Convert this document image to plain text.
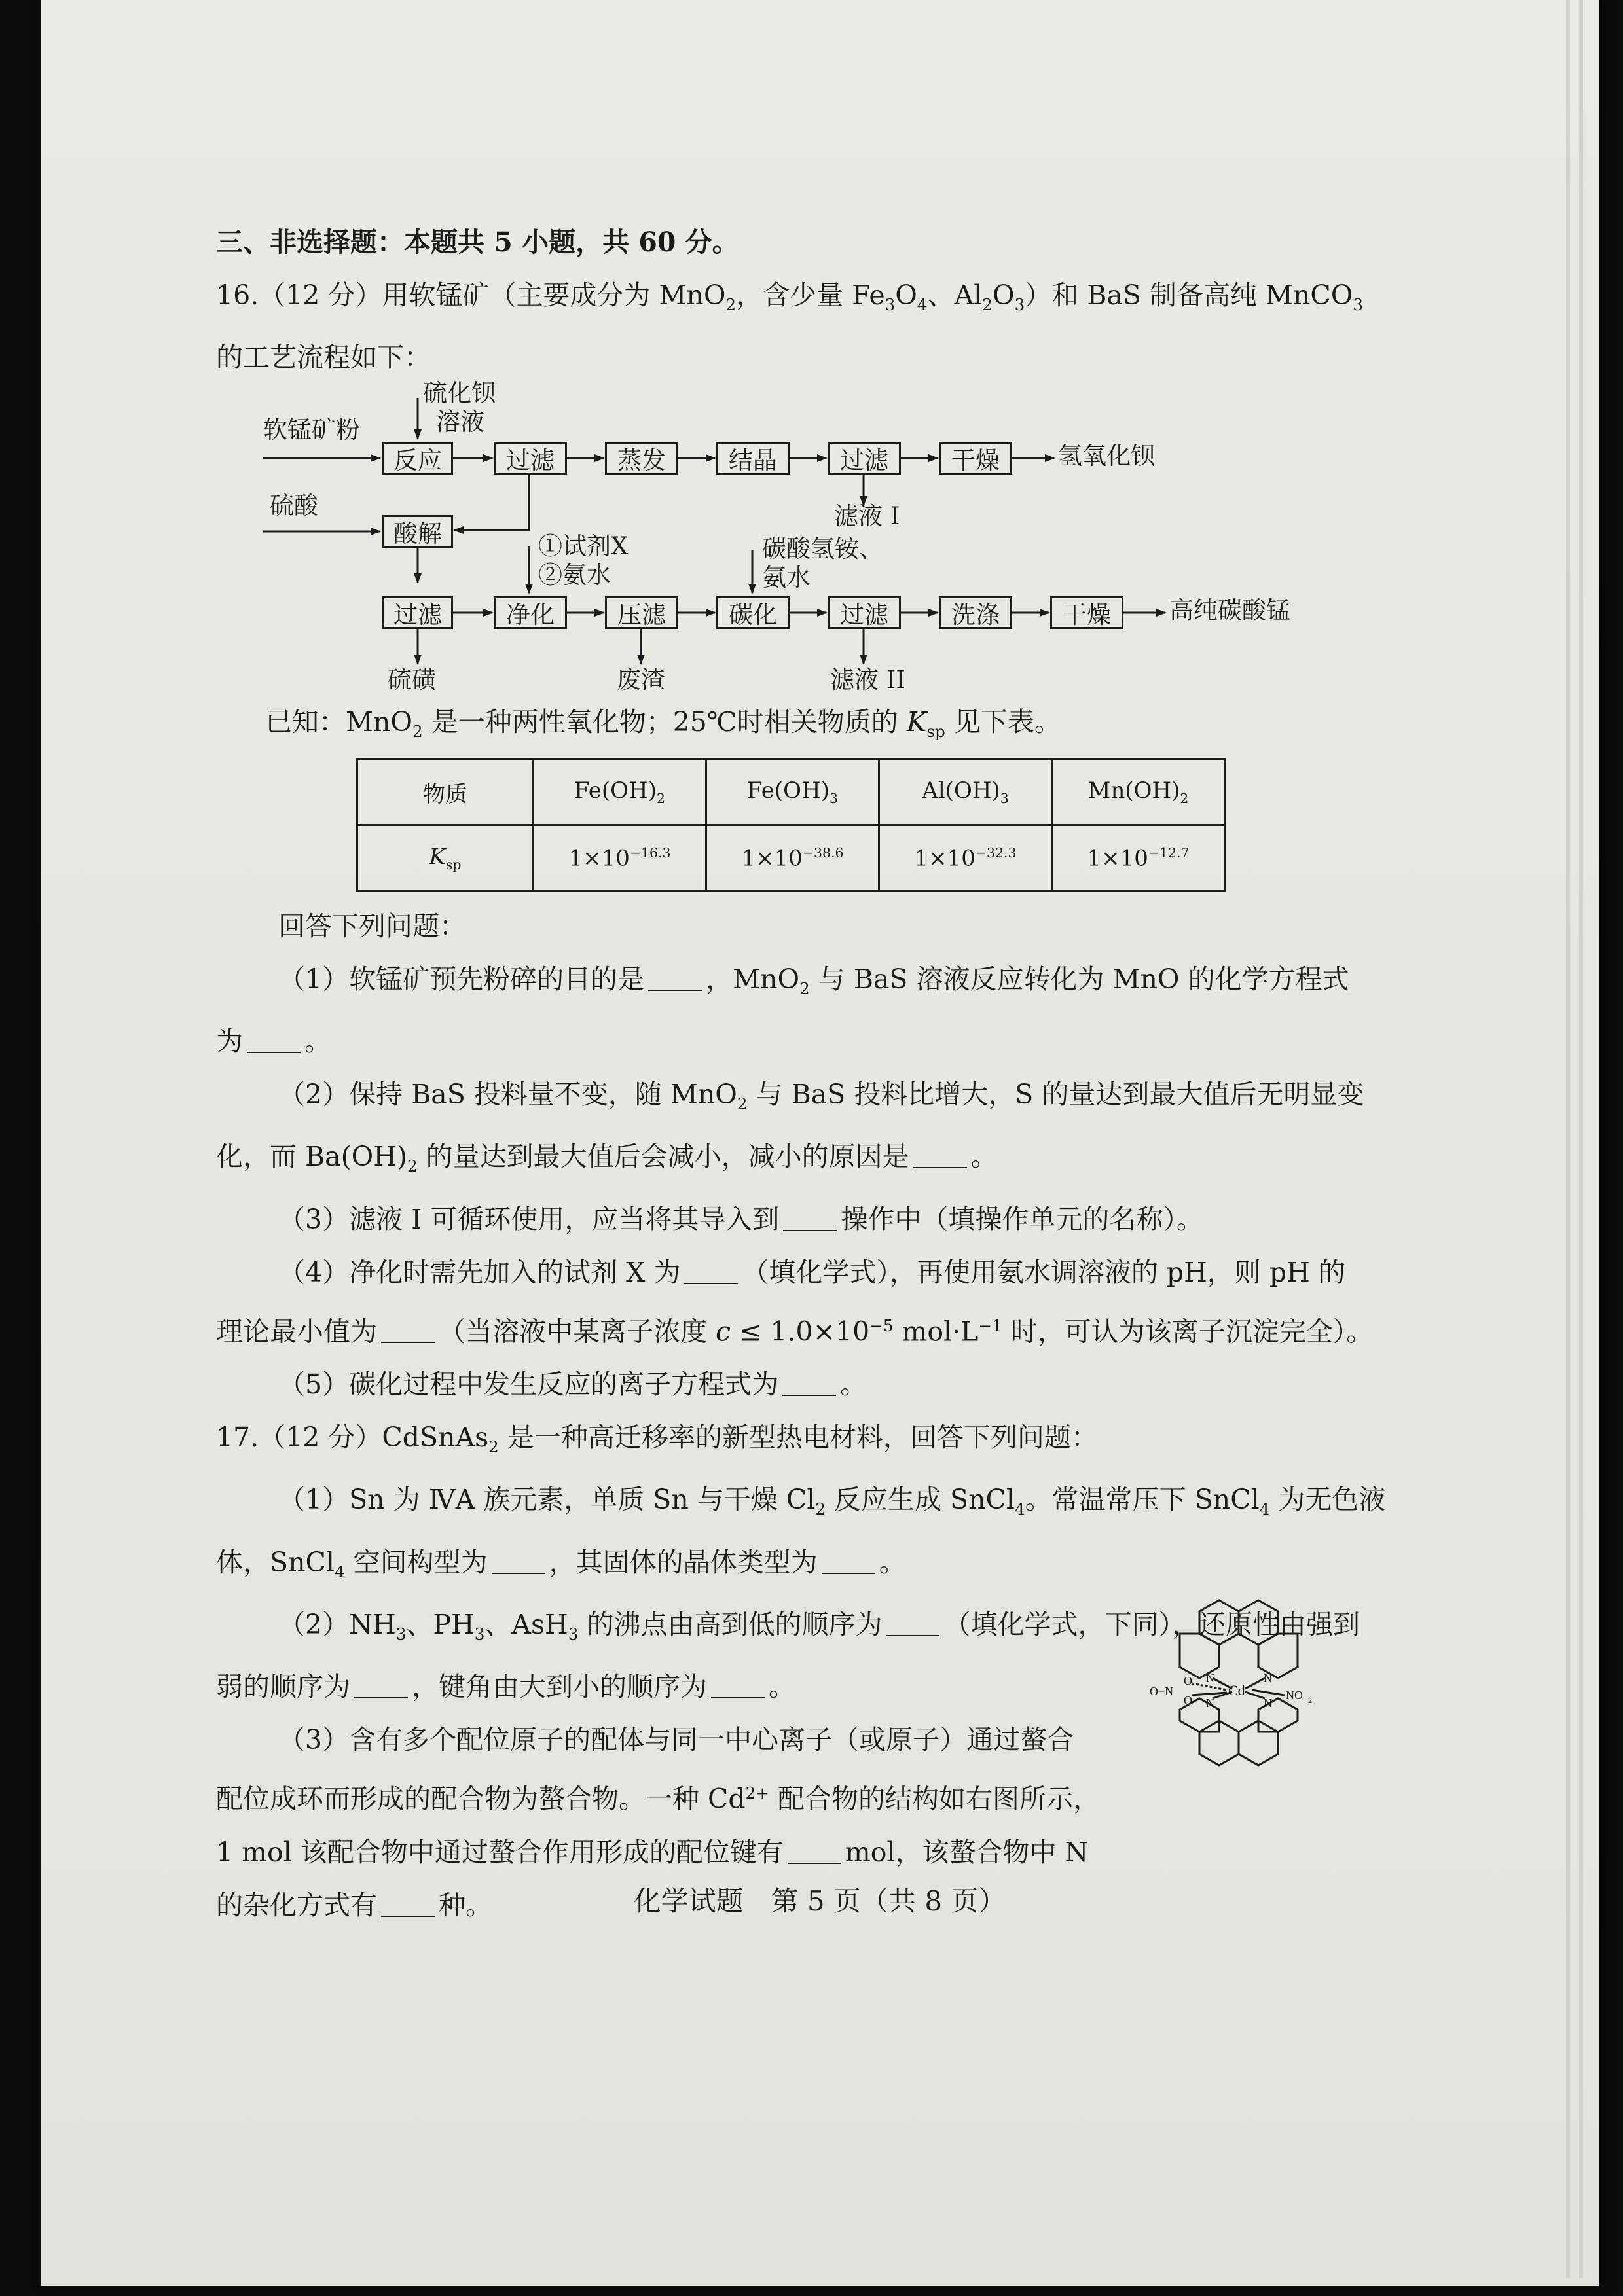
三、非选择题：本题共 5 小题，共 60 分。

16.（12 分）用软锰矿（主要成分为 MnO$_2$，含少量 $Fe_3O_4$、$Al_2O_3$）和 BaS 制备高纯 MnCO$_3$

的工艺流程如下：

软锰矿粉
硫化钡
溶液
反应	过滤	蒸发	结晶	过滤	干燥	氢氧化钡
滤液 I
硫酸
酸解	①试剂X
②氨水
碳酸氢铵、
氨水
过滤	净化	压滤	碳化	过滤	洗涤	干燥	高纯碳酸锰
硫磺	废渣	滤液 II

已知：MnO$_2$ 是一种两性氧化物；25℃时相关物质的 $K_{sp}$ 见下表。

物质	$Fe(OH)_2$	$Fe(OH)_3$	$Al(OH)_3$	$Mn(OH)_2$
$K_{sp}$	$1\times 10^{-16.3}$	$1\times 10^{-38.6}$	$1\times 10^{-32.3}$	$1\times 10^{-12.7}$

回答下列问题：

（1）软锰矿预先粉碎的目的是 ，MnO$_2$ 与 BaS 溶液反应转化为 MnO 的化学方程式

为 。

（2）保持 BaS 投料量不变，随 MnO$_2$ 与 BaS 投料比增大，S 的量达到最大值后无明显变

化，而 $Ba(OH)_2$ 的量达到最大值后会减小，减小的原因是 。

（3）滤液 I 可循环使用，应当将其导入到 操作中（填操作单元的名称）。

（4）净化时需先加入的试剂 X 为 （填化学式），再使用氨水调溶液的 pH，则 pH 的

理论最小值为 （当溶液中某离子浓度 $c \le 1.0\times 10^{-5}$ $mol\cdot L^{-1}$ 时，可认为该离子沉淀完全）。

（5）碳化过程中发生反应的离子方程式为 。

17.（12 分）CdSnAs$_2$ 是一种高迁移率的新型热电材料，回答下列问题：

（1）Sn 为 ⅣA 族元素，单质 Sn 与干燥 $Cl_2$ 反应生成 SnCl$_4$。常温常压下 SnCl$_4$ 为无色液

体，SnCl$_4$ 空间构型为 ，其固体的晶体类型为 。

$(2)NH_3$、$PH_3$、AsH$_3$ 的沸点由高到低的顺序为 （填化学式，下同），还原性由强到

弱的顺序为 ，键角由大到小的顺序为 。

（3）含有多个配位原子的配体与同一中心离子（或原子）通过螯合

配位成环而形成的配合物为螯合物。一种 $Cd^{2+}$ 配合物的结构如右图所示，

1 mol 该配合物中通过螯合作用形成的配位键有 mol，该螯合物中 N

的杂化方式有 种。

Cd
N	N
N	N
O
O
O−N	NO 2

化学试题　第 5 页（共 8 页）
